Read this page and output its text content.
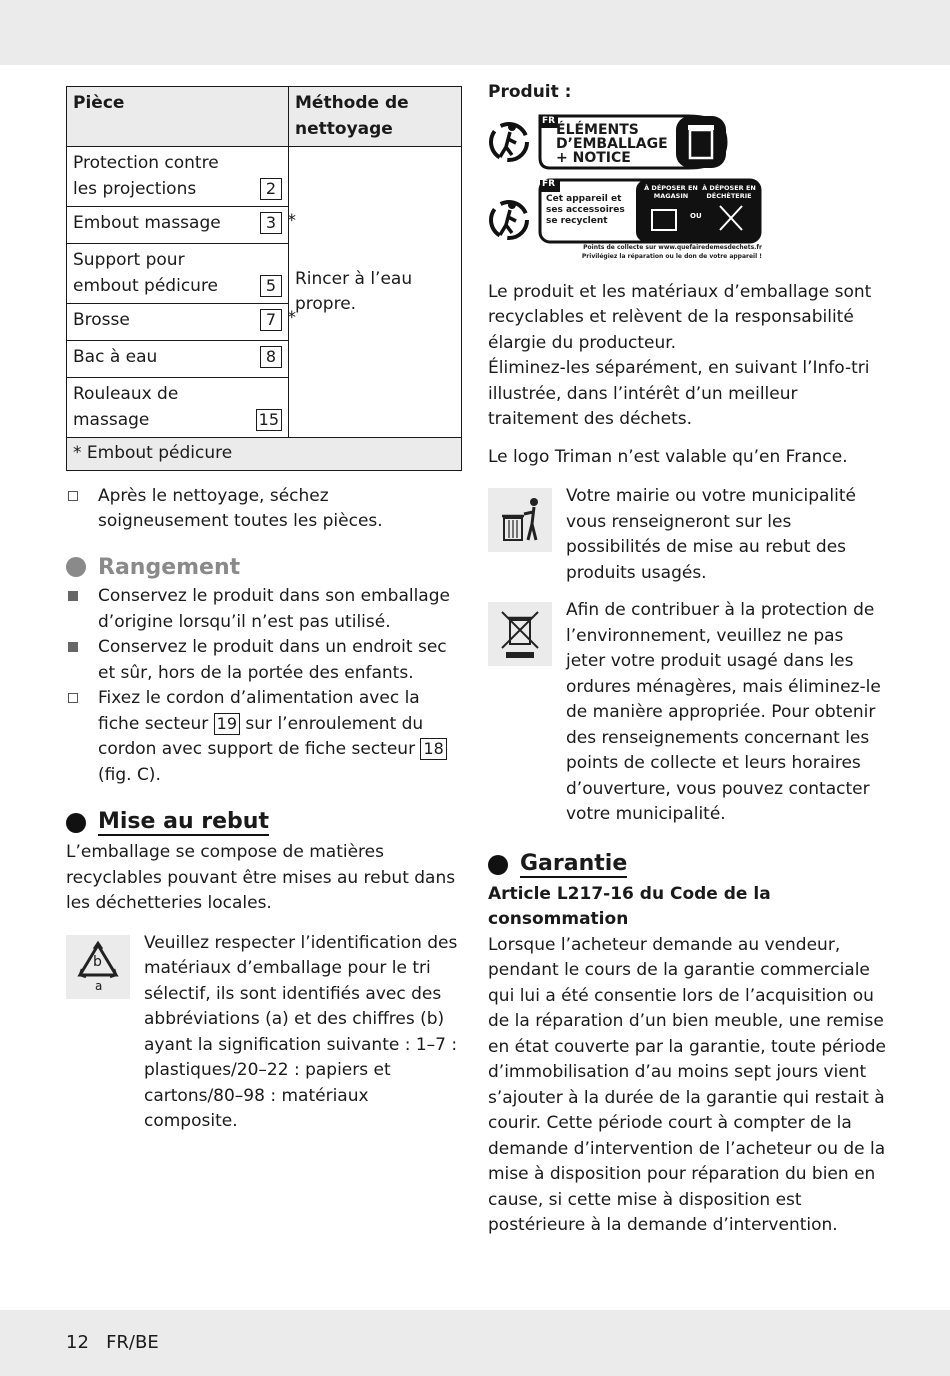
Pièce	Méthode de nettoyage

Protection contre les projections 2	Rincer à l’eau propre.

Embout massage 3 *	

Support pour embout pédicure 5	

Brosse 7 *	

Bac à eau 8	

Rouleaux de massage 15	

* Embout pédicure	
Après le nettoyage, séchez soigneusement toutes les pièces.
Rangement
Conservez le produit dans son emballage d’origine lorsqu’il n’est pas utilisé.
Conservez le produit dans un endroit sec et sûr, hors de la portée des enfants.
Fixez le cordon d’alimentation avec la fiche secteur 19 sur l’enroulement du cordon avec support de fiche secteur 18 (fig. C).
Mise au rebut

L’emballage se compose de matières recyclables pouvant être mises au rebut dans les déchetteries locales.

b
a

Veuillez respecter l’identification des matériaux d’emballage pour le tri sélectif, ils sont identifiés avec des abbréviations (a) et des chiffres (b) ayant la signification suivante : 1–7 : plastiques/20–22 : papiers et cartons/80–98 : matériaux composite.

Produit :

FR
ÉLÉMENTS D’EMBALLAGE + NOTICE
FR
Cet appareil et ses accessoires se recyclent
À DÉPOSER EN MAGASIN
OU
À DÉPOSER EN DÉCHÈTERIE
Points de collecte sur www.quefairedemesdechets.fr
Privilégiez la réparation ou le don de votre appareil !

Le produit et les matériaux d’emballage sont recyclables et relèvent de la responsabilité élargie du producteur.

Éliminez-les séparément, en suivant l’Info-tri illustrée, dans l’intérêt d’un meilleur traitement des déchets.

Le logo Triman n’est valable qu’en France.

Votre mairie ou votre municipalité vous renseigneront sur les possibilités de mise au rebut des produits usagés.

Afin de contribuer à la protection de l’environnement, veuillez ne pas jeter votre produit usagé dans les ordures ménagères, mais éliminez-le de manière appropriée. Pour obtenir des renseignements concernant les points de collecte et leurs horaires d’ouverture, vous pouvez contacter votre municipalité.

Garantie

Article L217-16 du Code de la consommation

Lorsque l’acheteur demande au vendeur, pendant le cours de la garantie commerciale qui lui a été consentie lors de l’acquisition ou de la réparation d’un bien meuble, une remise en état couverte par la garantie, toute période d’immobilisation d’au moins sept jours vient s’ajouter à la durée de la garantie qui restait à courir. Cette période court à compter de la demande d’intervention de l’acheteur ou de la mise à disposition pour réparation du bien en cause, si cette mise à disposition est postérieure à la demande d’intervention.

12   FR/BE
